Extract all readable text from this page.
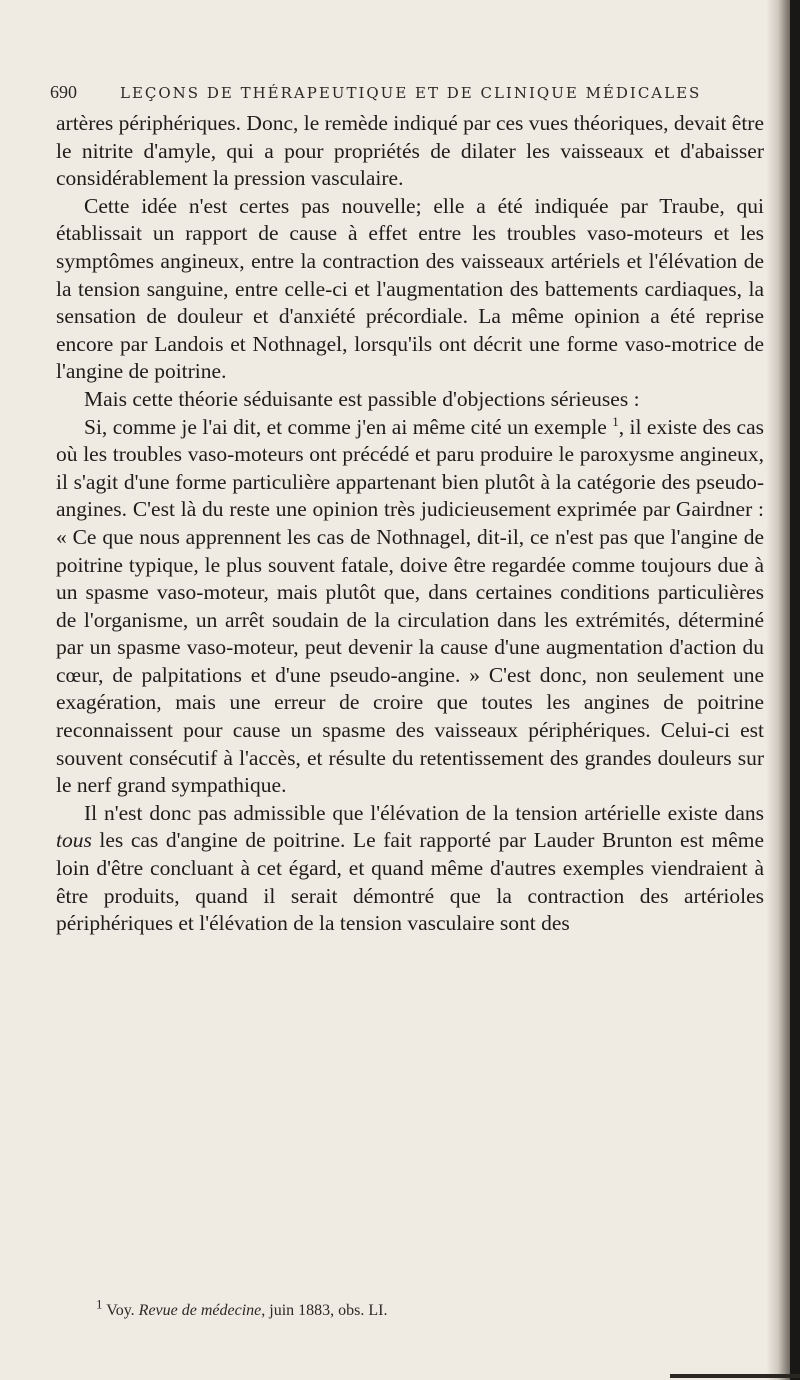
690	LEÇONS DE THÉRAPEUTIQUE ET DE CLINIQUE MÉDICALES

artères périphériques. Donc, le remède indiqué par ces vues théoriques, devait être le nitrite d'amyle, qui a pour propriétés de dilater les vaisseaux et d'abaisser considérablement la pression vasculaire.

Cette idée n'est certes pas nouvelle; elle a été indiquée par Traube, qui établissait un rapport de cause à effet entre les troubles vaso-moteurs et les symptômes angineux, entre la contraction des vaisseaux artériels et l'élévation de la tension sanguine, entre celle-ci et l'augmentation des battements cardiaques, la sensation de douleur et d'anxiété précordiale. La même opinion a été reprise encore par Landois et Nothnagel, lorsqu'ils ont décrit une forme vaso-motrice de l'angine de poitrine.

Mais cette théorie séduisante est passible d'objections sérieuses :

Si, comme je l'ai dit, et comme j'en ai même cité un exemple $^1$, il existe des cas où les troubles vaso-moteurs ont précédé et paru produire le paroxysme angineux, il s'agit d'une forme particulière appartenant bien plutôt à la catégorie des pseudo-angines. C'est là du reste une opinion très judicieusement exprimée par Gairdner : « Ce que nous apprennent les cas de Nothnagel, dit-il, ce n'est pas que l'angine de poitrine typique, le plus souvent fatale, doive être regardée comme toujours due à un spasme vaso-moteur, mais plutôt que, dans certaines conditions particulières de l'organisme, un arrêt soudain de la circulation dans les extrémités, déterminé par un spasme vaso-moteur, peut devenir la cause d'une augmentation d'action du cœur, de palpitations et d'une pseudo-angine. » C'est donc, non seulement une exagération, mais une erreur de croire que toutes les angines de poitrine reconnaissent pour cause un spasme des vaisseaux périphériques. Celui-ci est souvent consécutif à l'accès, et résulte du retentissement des grandes douleurs sur le nerf grand sympathique.

Il n'est donc pas admissible que l'élévation de la tension artérielle existe dans tous les cas d'angine de poitrine. Le fait rapporté par Lauder Brunton est même loin d'être concluant à cet égard, et quand même d'autres exemples viendraient à être produits, quand il serait démontré que la contraction des artérioles périphériques et l'élévation de la tension vasculaire sont des

$^1$ Voy. Revue de médecine, juin 1883, obs. LI.
